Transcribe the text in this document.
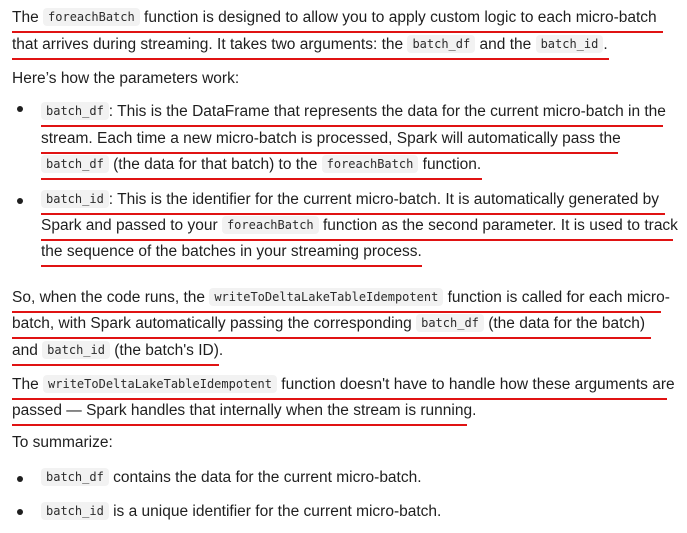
The foreachBatch function is designed to allow you to apply custom logic to each micro-batch
that arrives during streaming. It takes two arguments: the batch_df and the batch_id .
Here’s how the parameters work:
batch_df : This is the DataFrame that represents the data for the current micro-batch in the
stream. Each time a new micro-batch is processed, Spark will automatically pass the
batch_df (the data for that batch) to the foreachBatch function.
batch_id : This is the identifier for the current micro-batch. It is automatically generated by
Spark and passed to your foreachBatch function as the second parameter. It is used to track
the sequence of the batches in your streaming process.
So, when the code runs, the writeToDeltaLakeTableIdempotent function is called for each micro-
batch, with Spark automatically passing the corresponding batch_df (the data for the batch)
and batch_id (the batch's ID).
The writeToDeltaLakeTableIdempotent function doesn't have to handle how these arguments are
passed — Spark handles that internally when the stream is running.
To summarize:
batch_df contains the data for the current micro-batch.
batch_id is a unique identifier for the current micro-batch.
